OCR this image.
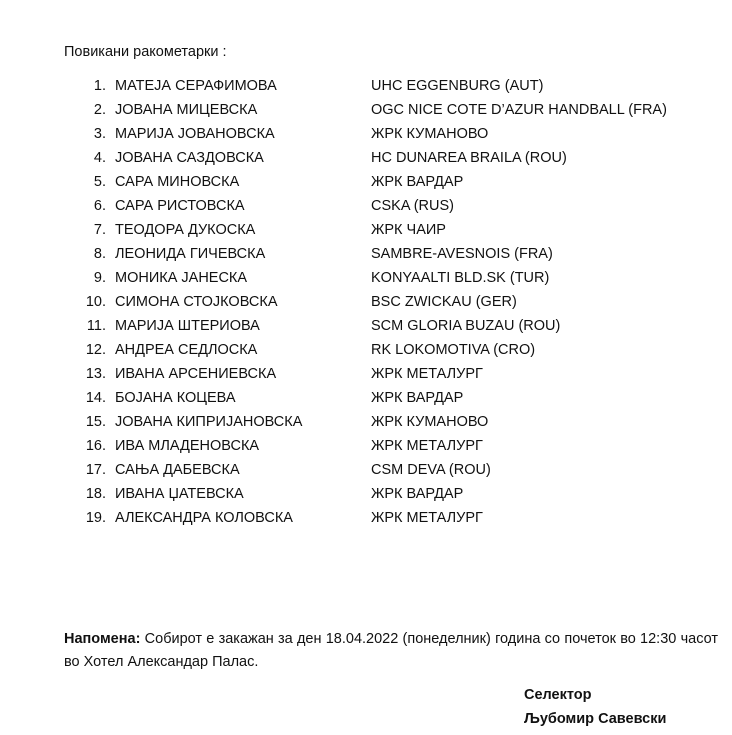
Повикани ракометарки :

1. МАТЕЈА СЕРАФИМОВА	UHC EGGENBURG (AUT)
2. ЈОВАНА МИЦЕВСКА	OGC NICE COTE D’AZUR HANDBALL (FRA)
3. МАРИЈА ЈОВАНОВСКА	ЖРК КУМАНОВО
4. ЈОВАНА САЗДОВСКА	HC DUNAREA BRAILA (ROU)
5. САРА МИНОВСКА	ЖРК ВАРДАР
6. САРА РИСТОВСКА	CSKA (RUS)
7. ТЕОДОРА ДУКОСКА	ЖРК ЧАИР
8. ЛЕОНИДА ГИЧЕВСКА	SAMBRE-AVESNOIS (FRA)
9. МОНИКА ЈАНЕСКА	KONYAALTI BLD.SK (TUR)
10. СИМОНА СТОЈКОВСКА	BSC ZWICKAU (GER)
11. МАРИЈА ШТЕРИОВА	SCM GLORIA BUZAU (ROU)
12. АНДРЕА СЕДЛОСКА	RK LOKOMOTIVA (CRO)
13. ИВАНА АРСЕНИЕВСКА	ЖРК МЕТАЛУРГ
14. БОЈАНА КОЦЕВА	ЖРК ВАРДАР
15. ЈОВАНА КИПРИЈАНОВСКА	ЖРК КУМАНОВО
16. ИВА МЛАДЕНОВСКА	ЖРК МЕТАЛУРГ
17. САЊА ДАБЕВСКА	CSM DEVA (ROU)
18. ИВАНА ЏАТЕВСКА	ЖРК ВАРДАР
19. АЛЕКСАНДРА КОЛОВСКА	ЖРК МЕТАЛУРГ

Напомена: Собирот е закажан за ден 18.04.2022 (понеделник) година со почеток во 12:30 часот во Хотел Александар Палас.

Селектор
Љубомир Савевски
